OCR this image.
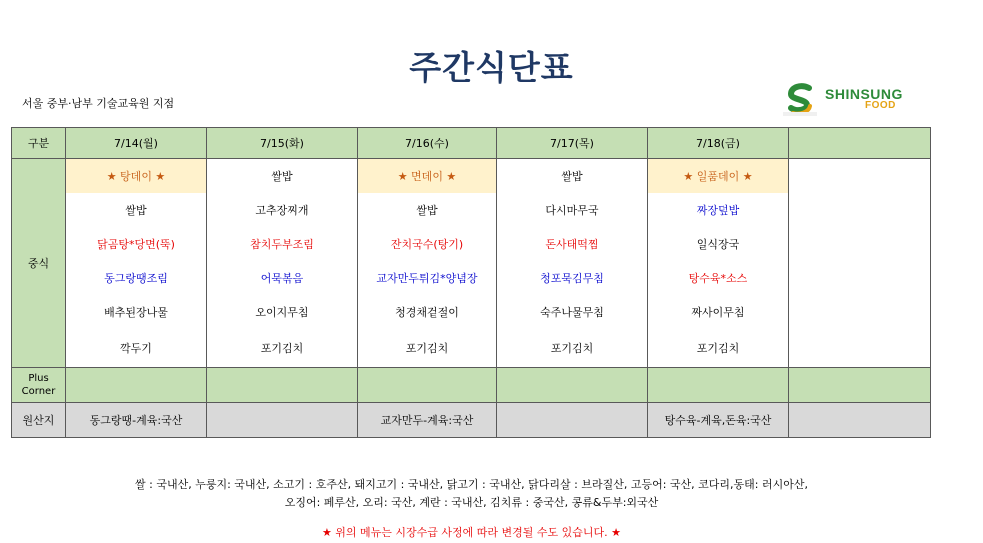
주간식단표
서울 중부·남부 기술교육원 지점
SHINSUNG
FOOD
구분	7/14(월)	7/15(화)	7/16(수)	7/17(목)	7/18(금)	
중식	★ 탕데이 ★	쌀밥	★ 면데이 ★	쌀밥	★ 일품데이 ★	
	쌀밥	고추장찌개	쌀밥	다시마무국	짜장덮밥	
	닭곰탕*당면(뚝)	참치두부조림	잔치국수(탕기)	돈사태떡찜	일식장국	
	동그랑땡조림	어묵볶음	교자만두튀김*양념장	청포묵김무침	탕수육*소스	
	배추된장나물	오이지무침	청경채겉절이	숙주나물무침	짜사이무침	
	깍두기	포기김치	포기김치	포기김치	포기김치	

Plus
Corner						

원산지	동그랑땡-계육:국산		교자만두-계육:국산		탕수육-계육,돈육:국산	
쌀 : 국내산, 누룽지: 국내산, 소고기 : 호주산, 돼지고기 : 국내산, 닭고기 : 국내산, 닭다리살 : 브라질산, 고등어: 국산, 코다리,동태: 러시아산,
오징어: 페루산, 오리: 국산, 계란 : 국내산, 김치류 : 중국산, 콩류&두부:외국산
★ 위의 메뉴는 시장수급 사정에 따라 변경될 수도 있습니다. ★
